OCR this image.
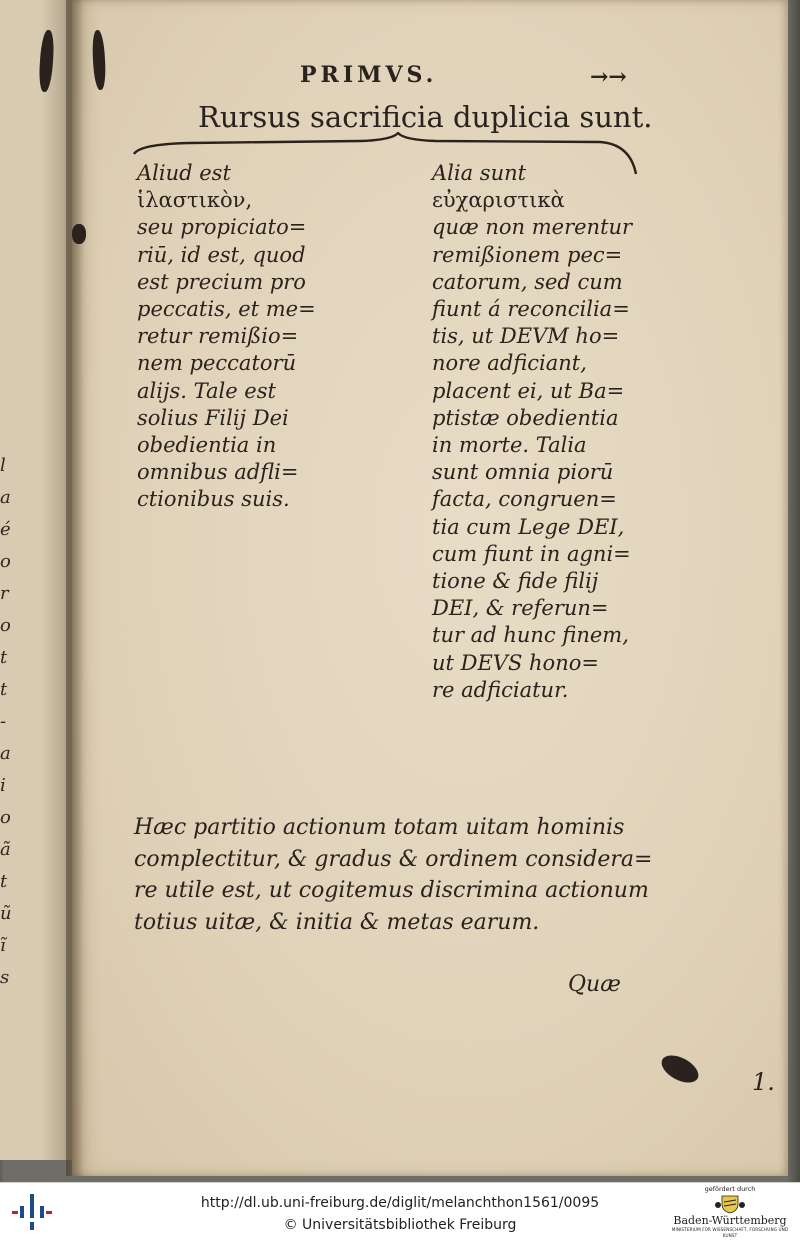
l
a
é
o
r
o
t
t
-
a
i
o
ã
t
ũ
ĩ
s
PRIMVS.	→→
Rursus sacrificia duplicia sunt.
Aliud est
ἱλαστικὸν,
seu propiciato=
riū, id est, quod
est precium pro
peccatis, et me=
retur remißio=
nem peccatorū
alijs. Tale est
solius Filij Dei
obedientia in
omnibus adfli=
ctionibus suis.
Alia sunt
εὐχαριστικὰ
quæ non merentur
remißionem pec=
catorum, sed cum
fiunt á reconcilia=
tis, ut DEVM ho=
nore adficiant,
placent ei, ut Ba=
ptistæ obedientia
in morte. Talia
sunt omnia piorū
facta, congruen=
tia cum Lege DEI,
cum fiunt in agni=
tione & fide filij
DEI, & referun=
tur ad hunc finem,
ut DEVS hono=
re adficiatur.
Hæc partitio actionum totam uitam hominis
complectitur, & gradus & ordinem considera=
re utile est, ut cogitemus discrimina actionum
totius uitæ, & initia & metas earum.
Quæ
1.
http://dl.ub.uni-freiburg.de/diglit/melanchthon1561/0095
© Universitätsbibliothek Freiburg
gefördert durch
Baden-Württemberg
MINISTERIUM FÜR WISSENSCHAFT, FORSCHUNG UND KUNST
